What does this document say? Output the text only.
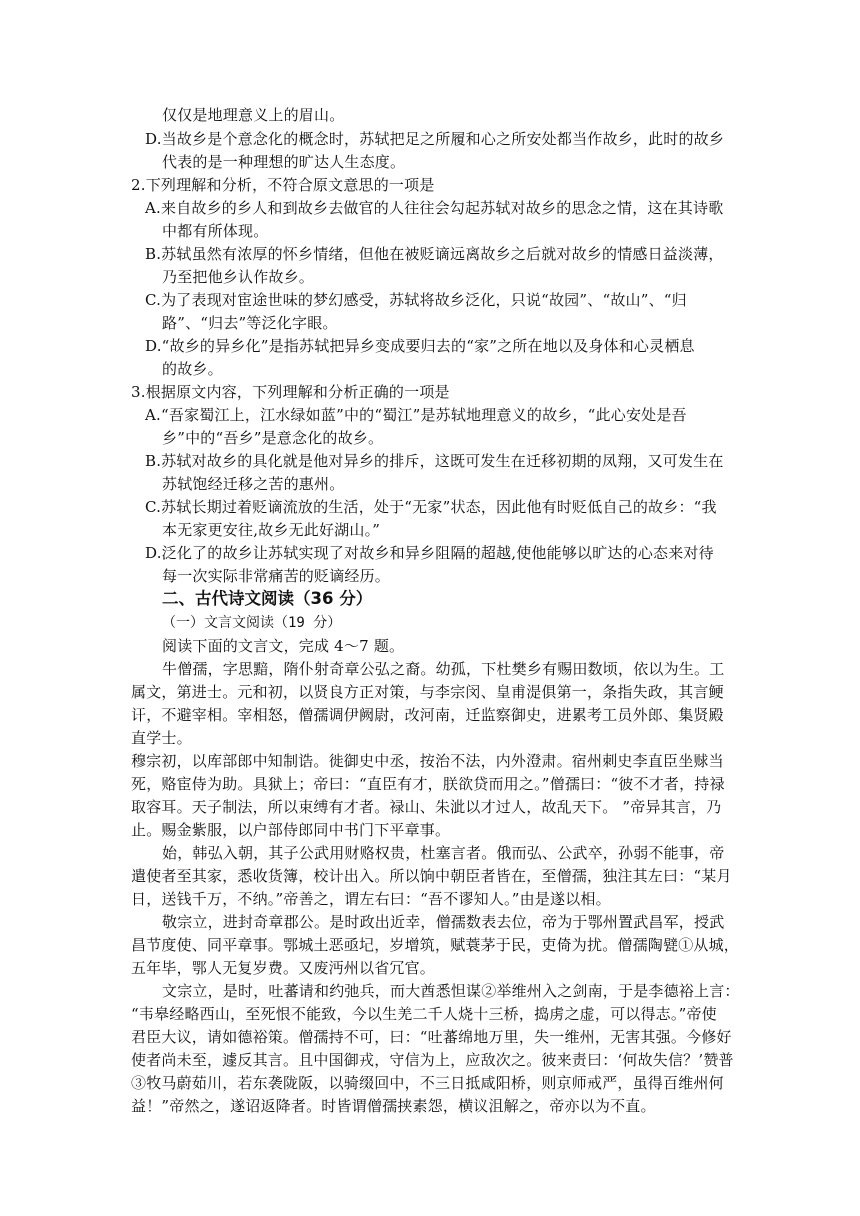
仅仅是地理意义上的眉山。
D.当故乡是个意念化的概念时，苏轼把足之所履和心之所安处都当作故乡，此时的故乡
代表的是一种理想的旷达人生态度。
2.下列理解和分析，不符合原文意思的一项是
A.来自故乡的乡人和到故乡去做官的人往往会勾起苏轼对故乡的思念之情，这在其诗歌
中都有所体现。
B.苏轼虽然有浓厚的怀乡情绪，但他在被贬谪远离故乡之后就对故乡的情感日益淡薄，
乃至把他乡认作故乡。
C.为了表现对宦途世味的梦幻感受，苏轼将故乡泛化，只说“故园”、“故山”、“归
路”、“归去”等泛化字眼。
D.“故乡的异乡化”是指苏轼把异乡变成要归去的“家”之所在地以及身体和心灵栖息
的故乡。
3.根据原文内容，下列理解和分析正确的一项是
A.“吾家蜀江上，江水绿如蓝”中的“蜀江”是苏轼地理意义的故乡，“此心安处是吾
乡”中的“吾乡”是意念化的故乡。
B.苏轼对故乡的具化就是他对异乡的排斥，这既可发生在迁移初期的凤翔，又可发生在
苏轼饱经迁移之苦的惠州。
C.苏轼长期过着贬谪流放的生活，处于“无家”状态，因此他有时贬低自己的故乡：“我
本无家更安往,故乡无此好湖山。”
D.泛化了的故乡让苏轼实现了对故乡和异乡阻隔的超越,使他能够以旷达的心态来对待
每一次实际非常痛苦的贬谪经历。
二、古代诗文阅读（36 分）
（一）文言文阅读（19 分）
阅读下面的文言文，完成 4～7 题。
牛僧孺，字思黯，隋仆射奇章公弘之裔。幼孤，下杜樊乡有赐田数顷，依以为生。工
属文，第进士。元和初，以贤良方正对策，与李宗闵、皇甫湜俱第一，条指失政，其言鲠
讦，不避宰相。宰相怒，僧孺调伊阙尉，改河南，迁监察御史，进累考工员外郎、集贤殿
直学士。
穆宗初，以库部郎中知制诰。徙御史中丞，按治不法，内外澄肃。宿州刺史李直臣坐赇当
死，赂宦侍为助。具狱上；帝曰：“直臣有才，朕欲贷而用之。”僧孺曰：“彼不才者，持禄
取容耳。天子制法，所以束缚有才者。禄山、朱泚以才过人，故乱天下。 ”帝异其言，乃
止。赐金紫服，以户部侍郎同中书门下平章事。
始，韩弘入朝，其子公武用财赂权贵，杜塞言者。俄而弘、公武卒，孙弱不能事，帝
遣使者至其家，悉收货簿，校计出入。所以饷中朝臣者皆在，至僧孺，独注其左曰：“某月
日，送钱千万，不纳。”帝善之，谓左右曰：“吾不谬知人。”由是遂以相。
敬宗立，进封奇章郡公。是时政出近幸，僧孺数表去位，帝为于鄂州置武昌军，授武
昌节度使、同平章事。鄂城土恶亟圮，岁增筑，赋蓑茅于民，吏倚为扰。僧孺陶甓①从城，
五年毕，鄂人无复岁费。又废沔州以省冗官。
文宗立，是时，吐蕃请和约弛兵，而大酋悉怛谋②举维州入之剑南，于是李德裕上言：
“韦皋经略西山，至死恨不能致，今以生羌二千人烧十三桥，捣虏之虚，可以得志。”帝使
君臣大议，请如德裕策。僧孺持不可，曰：“吐蕃绵地万里，失一维州，无害其强。今修好
使者尚未至，遽反其言。且中国御戎，守信为上，应敌次之。彼来责曰：‘何故失信？’赞普
③牧马蔚茹川，若东袭陇阪，以骑缀回中，不三日抵咸阳桥，则京师戒严，虽得百维州何
益！”帝然之，遂诏返降者。时皆谓僧孺挟素怨，横议沮解之，帝亦以为不直。
